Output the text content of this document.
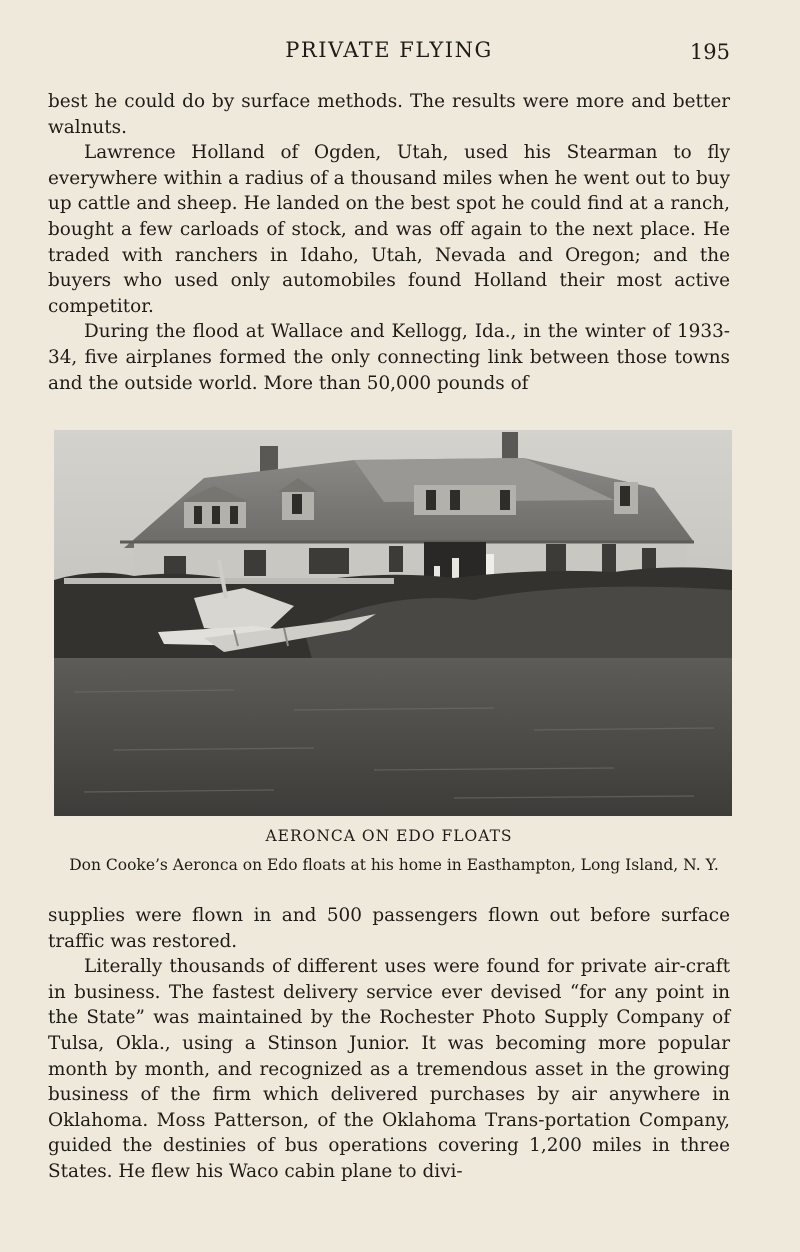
PRIVATE FLYING	195

best he could do by surface methods. The results were more and better walnuts.

Lawrence Holland of Ogden, Utah, used his Stearman to fly everywhere within a radius of a thousand miles when he went out to buy up cattle and sheep. He landed on the best spot he could find at a ranch, bought a few carloads of stock, and was off again to the next place. He traded with ranchers in Idaho, Utah, Nevada and Oregon; and the buyers who used only automobiles found Holland their most active competitor.

During the flood at Wallace and Kellogg, Ida., in the winter of 1933-34, five airplanes formed the only connecting link between those towns and the outside world. More than 50,000 pounds of

AERONCA ON EDO FLOATS
Don Cooke’s Aeronca on Edo floats at his home in Easthampton, Long Island, N. Y.

supplies were flown in and 500 passengers flown out before surface traffic was restored.

Literally thousands of different uses were found for private air-craft in business. The fastest delivery service ever devised “for any point in the State” was maintained by the Rochester Photo Supply Company of Tulsa, Okla., using a Stinson Junior. It was becoming more popular month by month, and recognized as a tremendous asset in the growing business of the firm which delivered purchases by air anywhere in Oklahoma. Moss Patterson, of the Oklahoma Trans-portation Company, guided the destinies of bus operations covering 1,200 miles in three States. He flew his Waco cabin plane to divi-
